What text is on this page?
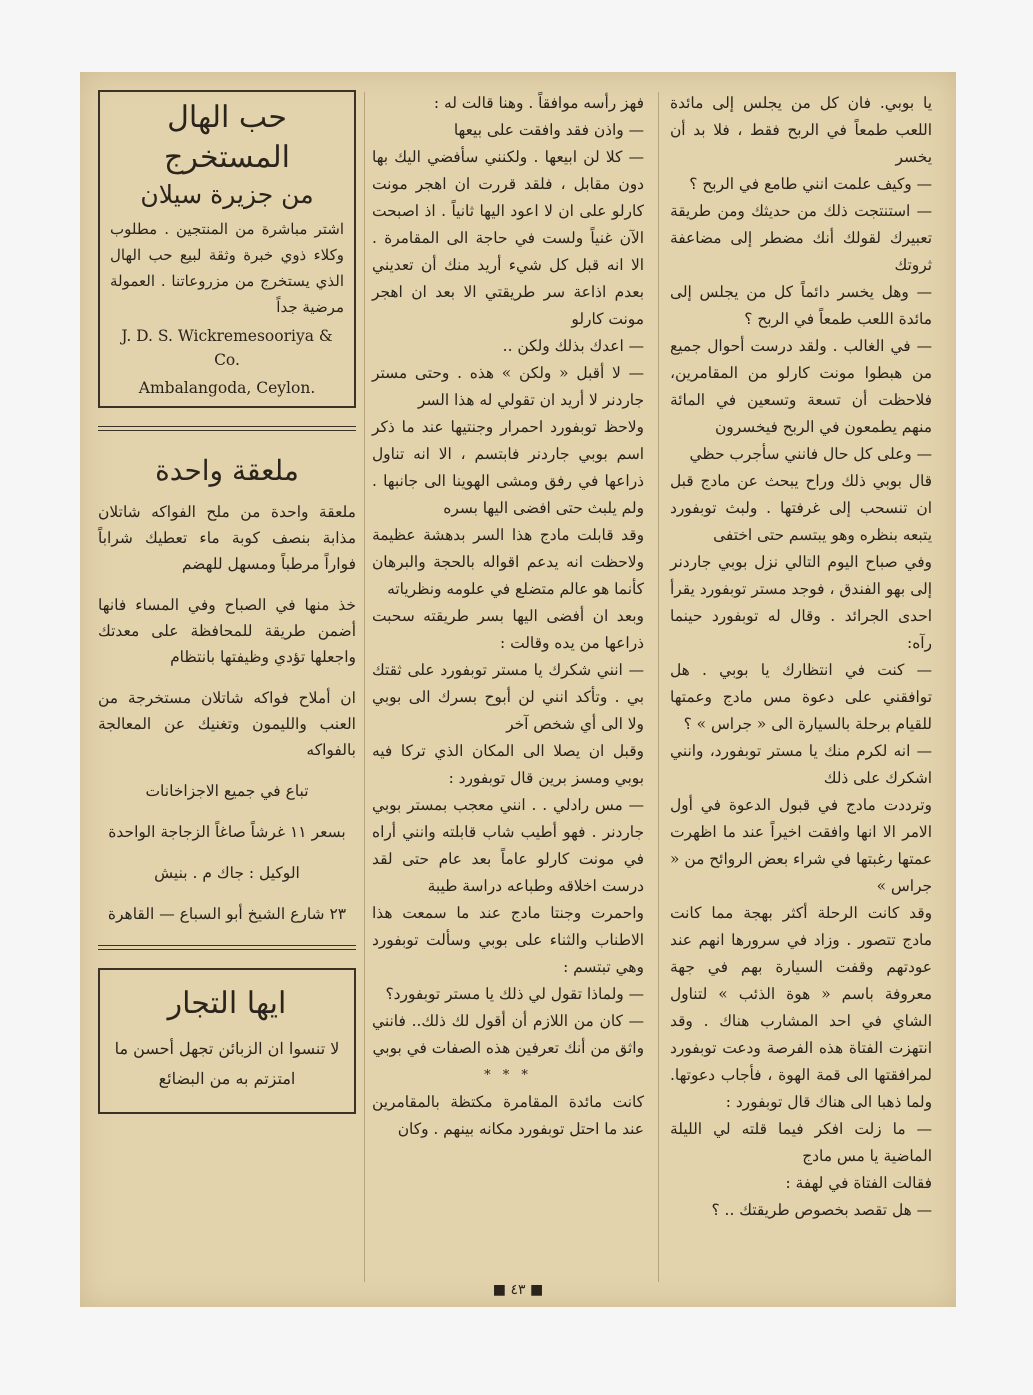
يا بوبي. فان كل من يجلس إلى مائدة اللعب طمعاً في الربح فقط ، فلا بد أن يخسر

— وكيف علمت انني طامع في الربح ؟

— استنتجت ذلك من حديثك ومن طريقة تعبيرك لقولك أنك مضطر إلى مضاعفة ثروتك

— وهل يخسر دائماً كل من يجلس إلى مائدة اللعب طمعاً في الربح ؟

— في الغالب . ولقد درست أحوال جميع من هبطوا مونت كارلو من المقامرين، فلاحظت أن تسعة وتسعين في المائة منهم يطمعون في الربح فيخسرون

— وعلى كل حال فانني سأجرب حظي

قال بوبي ذلك وراح يبحث عن مادج قبل ان تنسحب إلى غرفتها . ولبث توبفورد يتبعه بنظره وهو يبتسم حتى اختفى

وفي صباح اليوم التالي نزل بوبي جاردنر إلى بهو الفندق ، فوجد مستر توبفورد يقرأ احدى الجرائد . وقال له توبفورد حينما رآه:

— كنت في انتظارك يا بوبي . هل توافقني على دعوة مس مادج وعمتها للقيام برحلة بالسيارة الى « جراس » ؟

— انه لكرم منك يا مستر توبفورد، وانني اشكرك على ذلك

وترددت مادج في قبول الدعوة في أول الامر الا انها وافقت اخيراً عند ما اظهرت عمتها رغبتها في شراء بعض الروائح من « جراس »

وقد كانت الرحلة أكثر بهجة مما كانت مادج تتصور . وزاد في سرورها انهم عند عودتهم وقفت السيارة بهم في جهة معروفة باسم « هوة الذئب » لتناول الشاي في احد المشارب هناك . وقد انتهزت الفتاة هذه الفرصة ودعت توبفورد لمرافقتها الى قمة الهوة ، فأجاب دعوتها. ولما ذهبا الى هناك قال توبفورد :

— ما زلت افكر فيما قلته لي الليلة الماضية يا مس مادج

فقالت الفتاة في لهفة :

— هل تقصد بخصوص طريقتك .. ؟

فهز رأسه موافقاً . وهنا قالت له :

— واذن فقد وافقت على بيعها

— كلا لن ابيعها . ولكنني سأفضي اليك بها دون مقابل ، فلقد قررت ان اهجر مونت كارلو على ان لا اعود اليها ثانياً . اذ اصبحت الآن غنياً ولست في حاجة الى المقامرة . الا انه قبل كل شيء أريد منك أن تعديني بعدم اذاعة سر طريقتي الا بعد ان اهجر مونت كارلو

— اعدك بذلك ولكن ..

— لا أقبل « ولكن » هذه . وحتى مستر جاردنر لا أريد ان تقولي له هذا السر

ولاحظ توبفورد احمرار وجنتيها عند ما ذكر اسم بوبي جاردنر فابتسم ، الا انه تناول ذراعها في رفق ومشى الهوينا الى جانبها . ولم يلبث حتى افضى اليها بسره

وقد قابلت مادج هذا السر بدهشة عظيمة ولاحظت انه يدعم اقواله بالحجة والبرهان كأنما هو عالم متضلع في علومه ونظرياته

وبعد ان أفضى اليها بسر طريقته سحبت ذراعها من يده وقالت :

— انني شكرك يا مستر توبفورد على ثقتك بي . وتأكد انني لن أبوح بسرك الى بوبي ولا الى أي شخص آخر

وقبل ان يصلا الى المكان الذي تركا فيه بوبي ومسز برين قال توبفورد :

— مس رادلي . . انني معجب بمستر بوبي جاردنر . فهو أطيب شاب قابلته وانني أراه في مونت كارلو عاماً بعد عام حتى لقد درست اخلاقه وطباعه دراسة طيبة

واحمرت وجنتا مادج عند ما سمعت هذا الاطناب والثناء على بوبي وسألت توبفورد وهي تبتسم :

— ولماذا تقول لي ذلك يا مستر توبفورد؟

— كان من اللازم أن أقول لك ذلك.. فانني واثق من أنك تعرفين هذه الصفات في بوبي

* * *

كانت مائدة المقامرة مكتظة بالمقامرين عند ما احتل توبفورد مكانه بينهم . وكان

حب الهال المستخرج
من جزيرة سيلان
اشتر مباشرة من المنتجين . مطلوب وكلاء ذوي خبرة وثقة لبيع حب الهال الذي يستخرج من مزروعاتنا . العمولة مرضية جداً
J. D. S. Wickremesooriya & Co.
Ambalangoda, Ceylon.
ملعقة واحدة

ملعقة واحدة من ملح الفواكه شاتلان مذابة بنصف كوبة ماء تعطيك شراباً فواراً مرطباً ومسهل للهضم

خذ منها في الصباح وفي المساء فانها أضمن طريقة للمحافظة على معدتك واجعلها تؤدي وظيفتها بانتظام

ان أملاح فواكه شاتلان مستخرجة من العنب والليمون وتغنيك عن المعالجة بالفواكه

تباع في جميع الاجزاخانات

بسعر ١١ غرشاً صاغاً الزجاجة الواحدة

الوكيل : جاك م . بنيش

٢٣ شارع الشيخ أبو السباع — القاهرة

ايها التجار
لا تنسوا ان الزبائن تجهل أحسن ما امتزتم به من البضائع
■ ٤٣ ■
